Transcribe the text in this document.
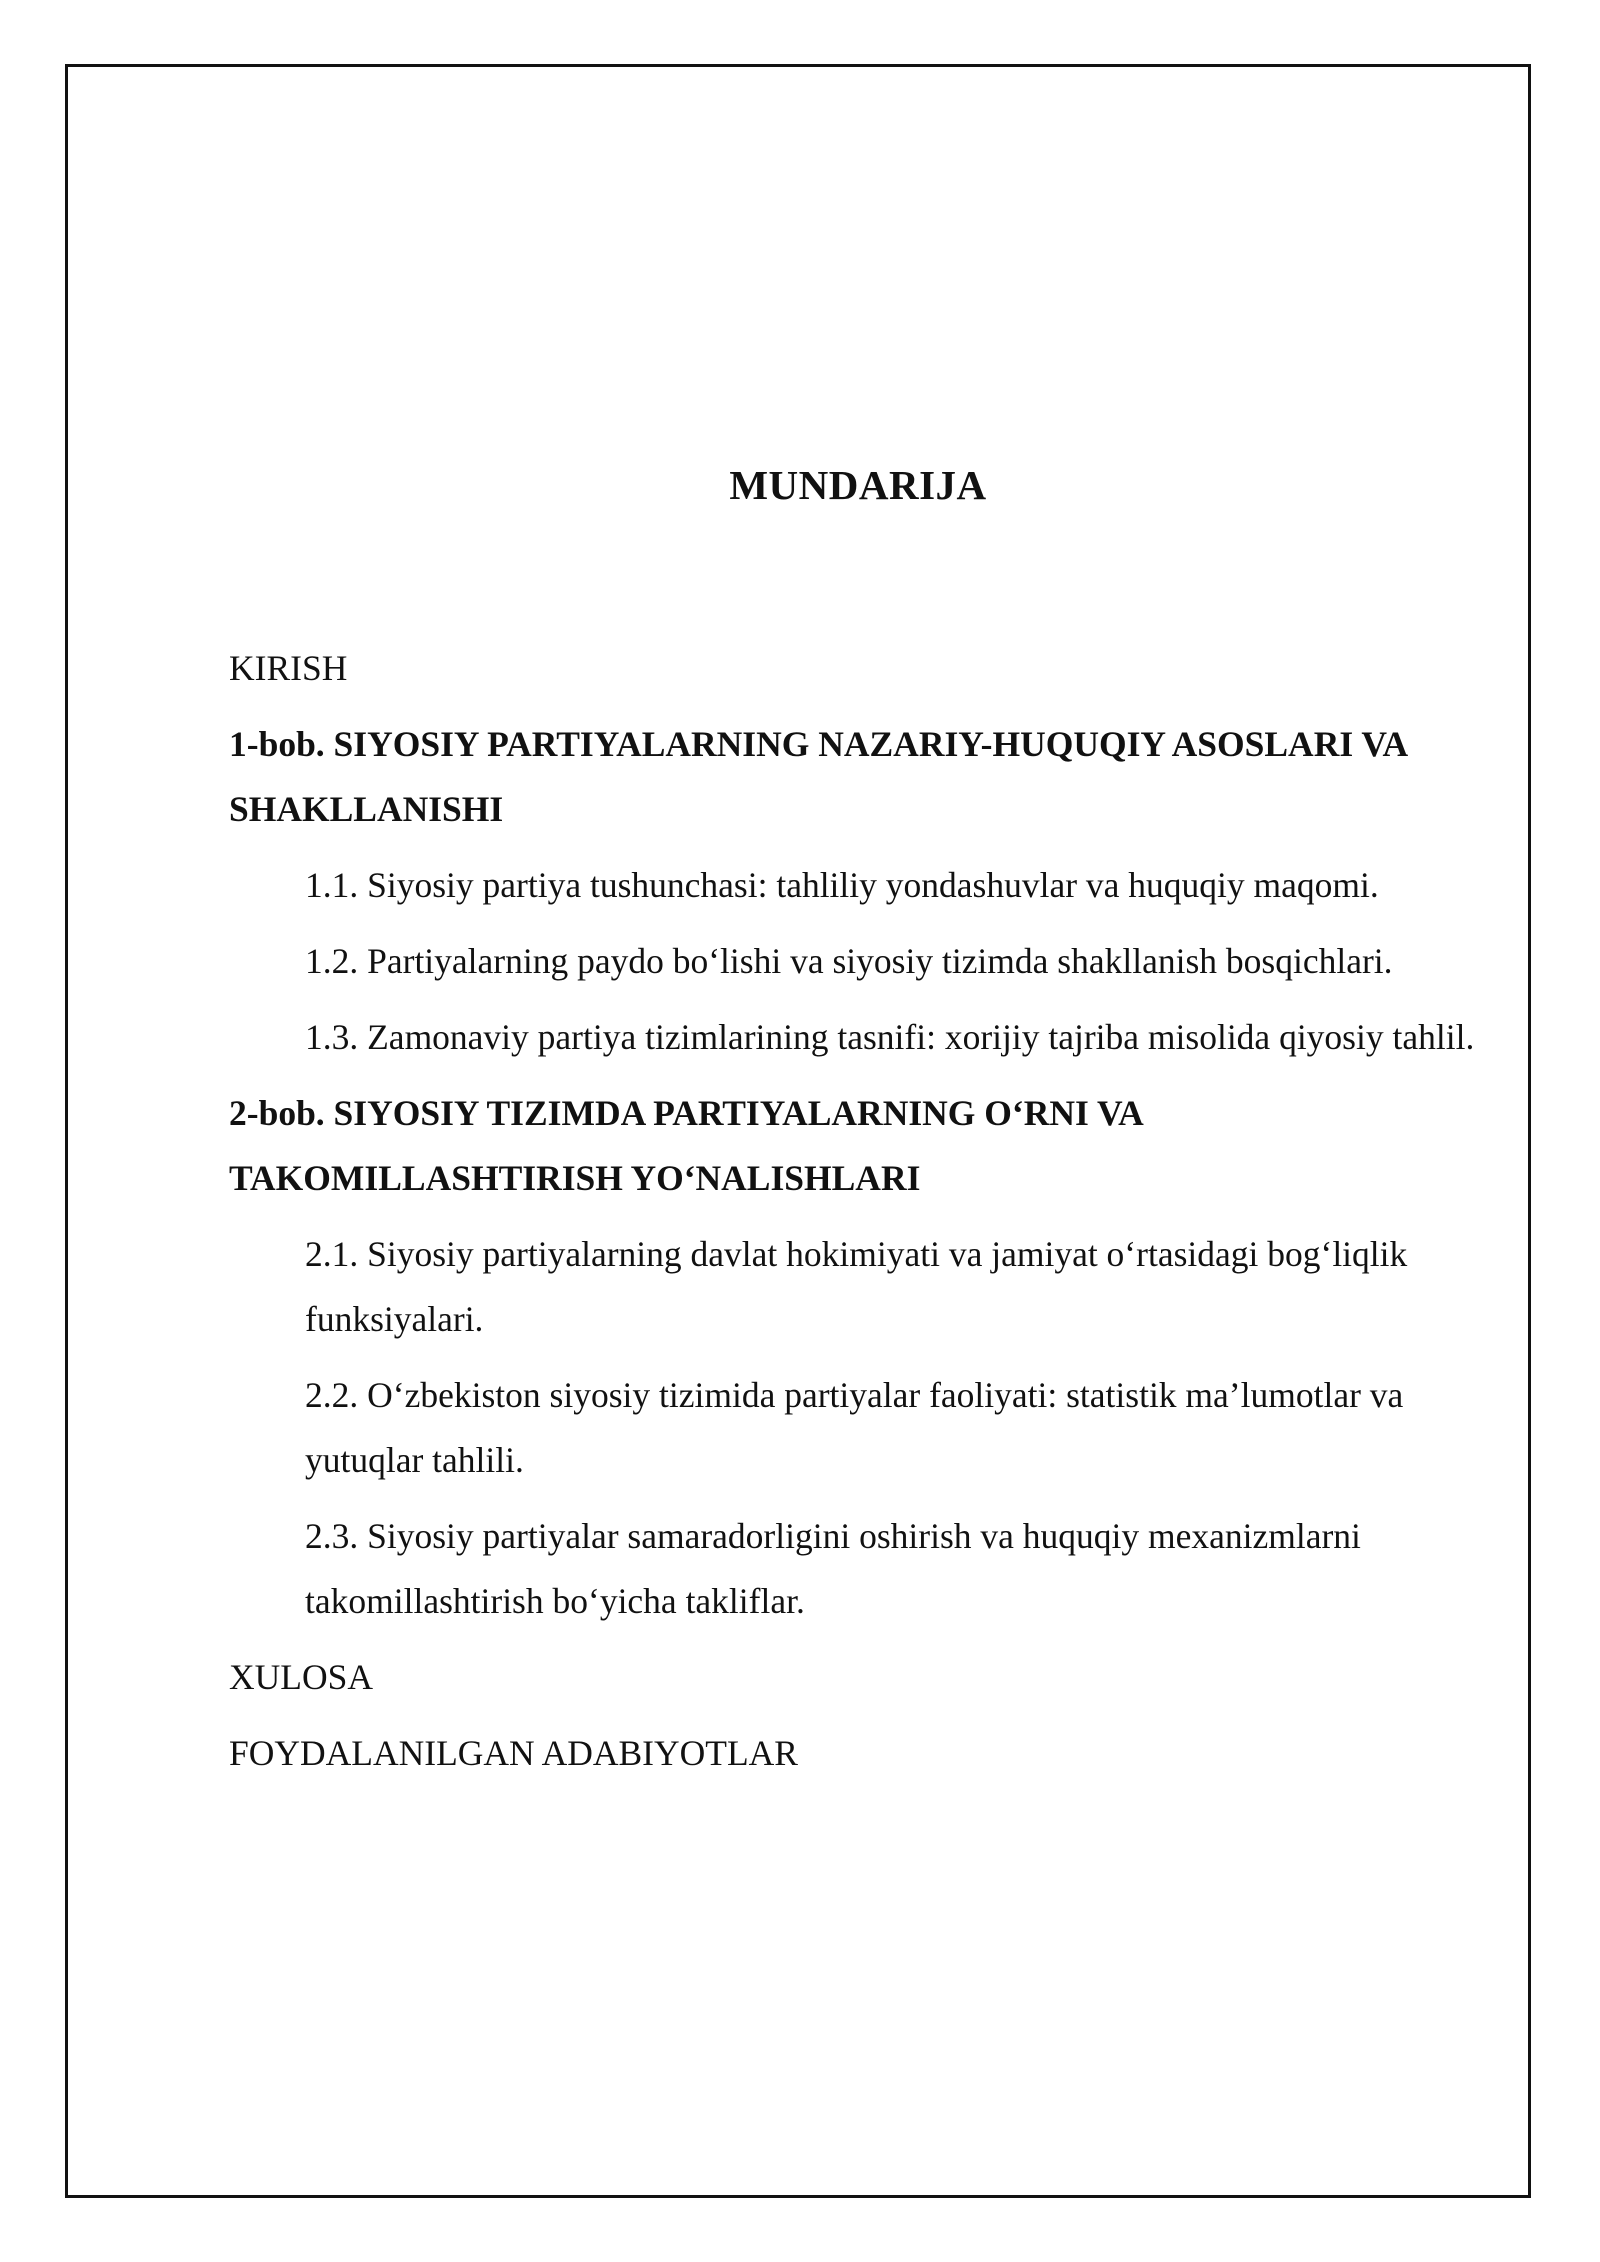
MUNDARIJA
KIRISH
1-bob. SIYOSIY PARTIYALARNING NAZARIY-HUQUQIY ASOSLARI VA SHAKLLANISHI
1.1. Siyosiy partiya tushunchasi: tahliliy yondashuvlar va huquqiy maqomi.
1.2. Partiyalarning paydo bo‘lishi va siyosiy tizimda shakllanish bosqichlari.
1.3. Zamonaviy partiya tizimlarining tasnifi: xorijiy tajriba misolida qiyosiy tahlil.
2-bob. SIYOSIY TIZIMDA PARTIYALARNING O‘RNI VA TAKOMILLASHTIRISH YO‘NALISHLARI
2.1. Siyosiy partiyalarning davlat hokimiyati va jamiyat o‘rtasidagi bog‘liqlik funksiyalari.
2.2. O‘zbekiston siyosiy tizimida partiyalar faoliyati: statistik ma’lumotlar va yutuqlar tahlili.
2.3. Siyosiy partiyalar samaradorligini oshirish va huquqiy mexanizmlarni takomillashtirish bo‘yicha takliflar.
XULOSA
FOYDALANILGAN ADABIYOTLAR
